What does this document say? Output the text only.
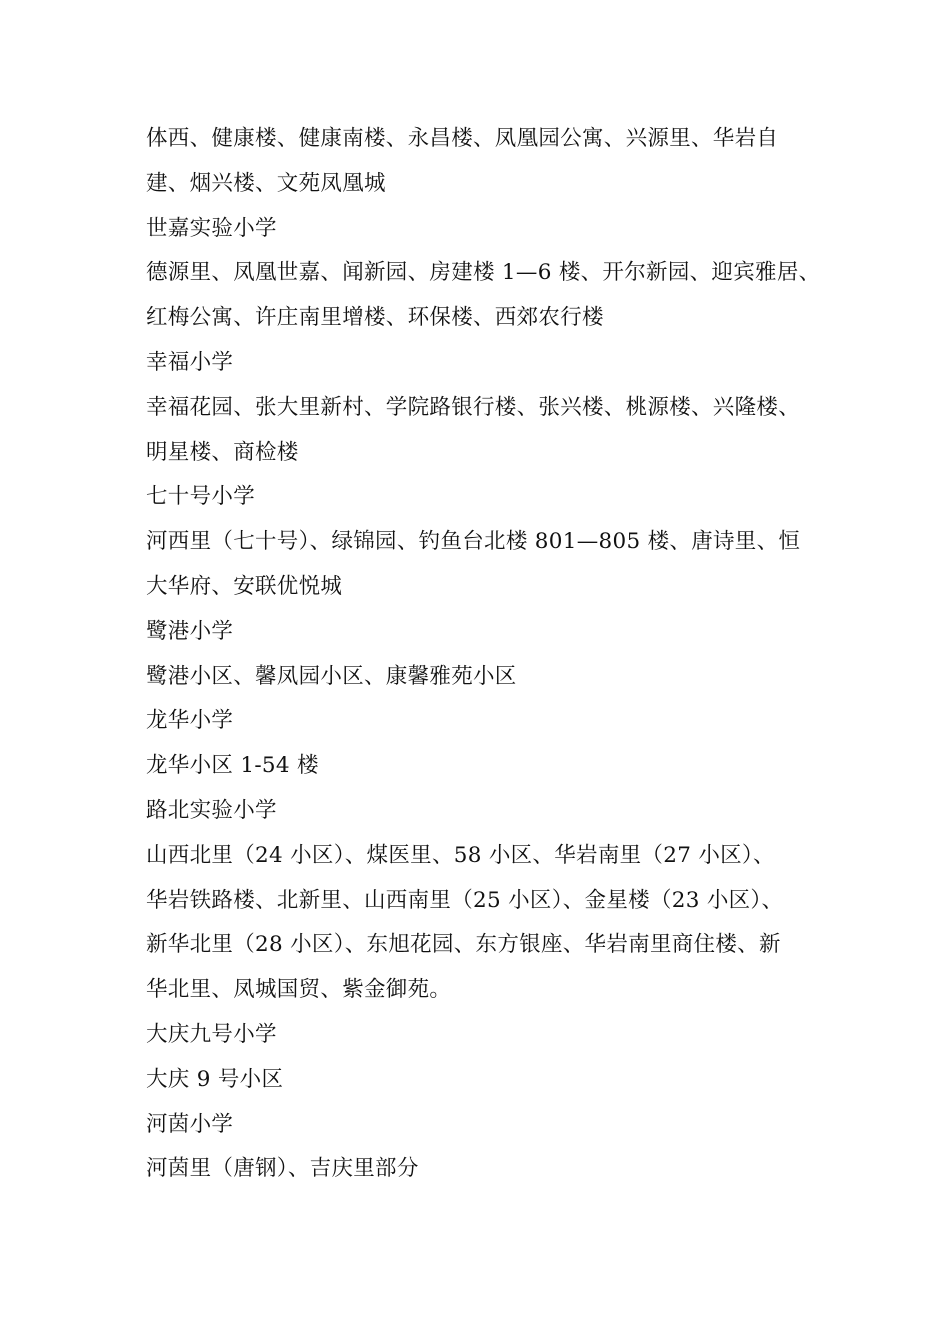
体西、健康楼、健康南楼、永昌楼、凤凰园公寓、兴源里、华岩自
建、烟兴楼、文苑凤凰城
世嘉实验小学
德源里、凤凰世嘉、闻新园、房建楼 1—6 楼、开尔新园、迎宾雅居、
红梅公寓、许庄南里增楼、环保楼、西郊农行楼
幸福小学
幸福花园、张大里新村、学院路银行楼、张兴楼、桃源楼、兴隆楼、
明星楼、商检楼
七十号小学
河西里（七十号）、绿锦园、钓鱼台北楼 801—805 楼、唐诗里、恒
大华府、安联优悦城
鹭港小学
鹭港小区、馨凤园小区、康馨雅苑小区
龙华小学
龙华小区 1-54 楼
路北实验小学
山西北里（24 小区）、煤医里、58 小区、华岩南里（27 小区）、
华岩铁路楼、北新里、山西南里（25 小区）、金星楼（23 小区）、
新华北里（28 小区）、东旭花园、东方银座、华岩南里商住楼、新
华北里、凤城国贸、紫金御苑。
大庆九号小学
大庆 9 号小区
河茵小学
河茵里（唐钢）、吉庆里部分
